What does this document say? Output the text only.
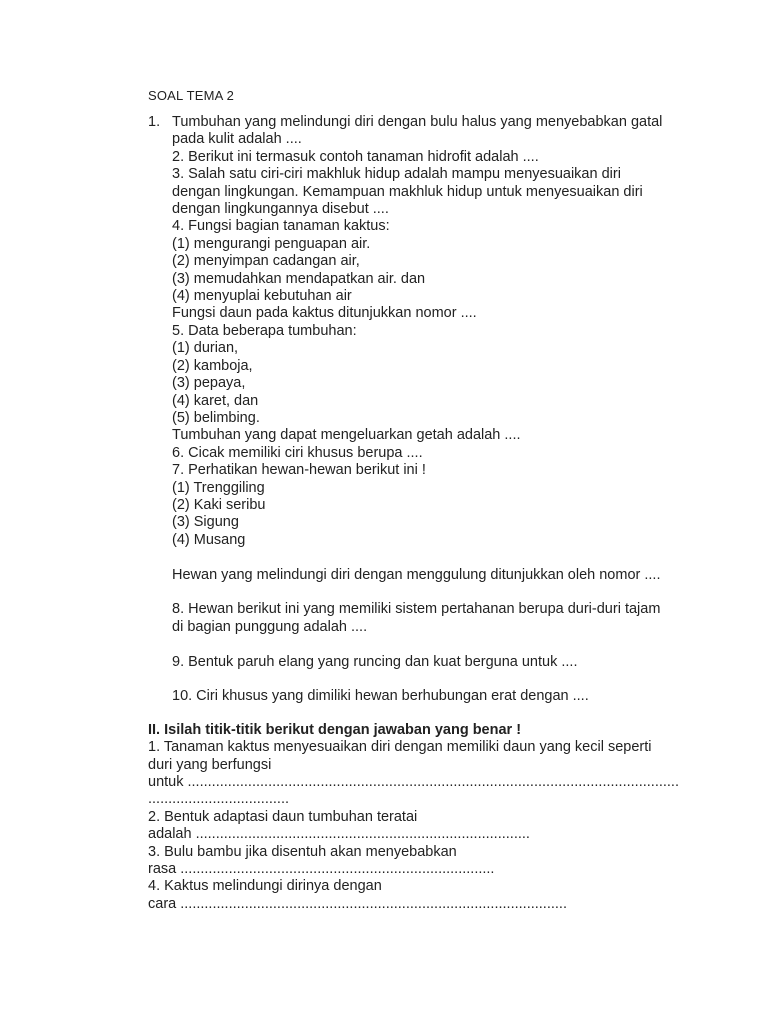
SOAL TEMA 2
1. Tumbuhan yang melindungi diri dengan bulu halus yang menyebabkan gatal
pada kulit adalah ....
2. Berikut ini termasuk contoh tanaman hidrofit adalah ....
3. Salah satu ciri-ciri makhluk hidup adalah mampu menyesuaikan diri
dengan lingkungan. Kemampuan makhluk hidup untuk menyesuaikan diri
dengan lingkungannya disebut ....
4. Fungsi bagian tanaman kaktus:
(1) mengurangi penguapan air.
(2) menyimpan cadangan air,
(3) memudahkan mendapatkan air. dan
(4) menyuplai kebutuhan air
Fungsi daun pada kaktus ditunjukkan nomor ....
5. Data beberapa tumbuhan:
(1) durian,
(2) kamboja,
(3) pepaya,
(4) karet, dan
(5) belimbing.
Tumbuhan yang dapat mengeluarkan getah adalah ....
6. Cicak memiliki ciri khusus berupa ....
7. Perhatikan hewan-hewan berikut ini !
(1) Trenggiling
(2) Kaki seribu
(3) Sigung
(4) Musang
Hewan yang melindungi diri dengan menggulung ditunjukkan oleh nomor ....
8. Hewan berikut ini yang memiliki sistem pertahanan berupa duri-duri tajam
di bagian punggung adalah ....
9. Bentuk paruh elang yang runcing dan kuat berguna untuk ....
10. Ciri khusus yang dimiliki hewan berhubungan erat dengan ....
II. Isilah titik-titik berikut dengan jawaban yang benar !
1. Tanaman kaktus menyesuaikan diri dengan memiliki daun yang kecil seperti
duri yang berfungsi
untuk ..........................................................................................................................
...................................
2. Bentuk adaptasi daun tumbuhan teratai
adalah ...................................................................................
3. Bulu bambu jika disentuh akan menyebabkan
rasa ..............................................................................
4. Kaktus melindungi dirinya dengan
cara ................................................................................................
